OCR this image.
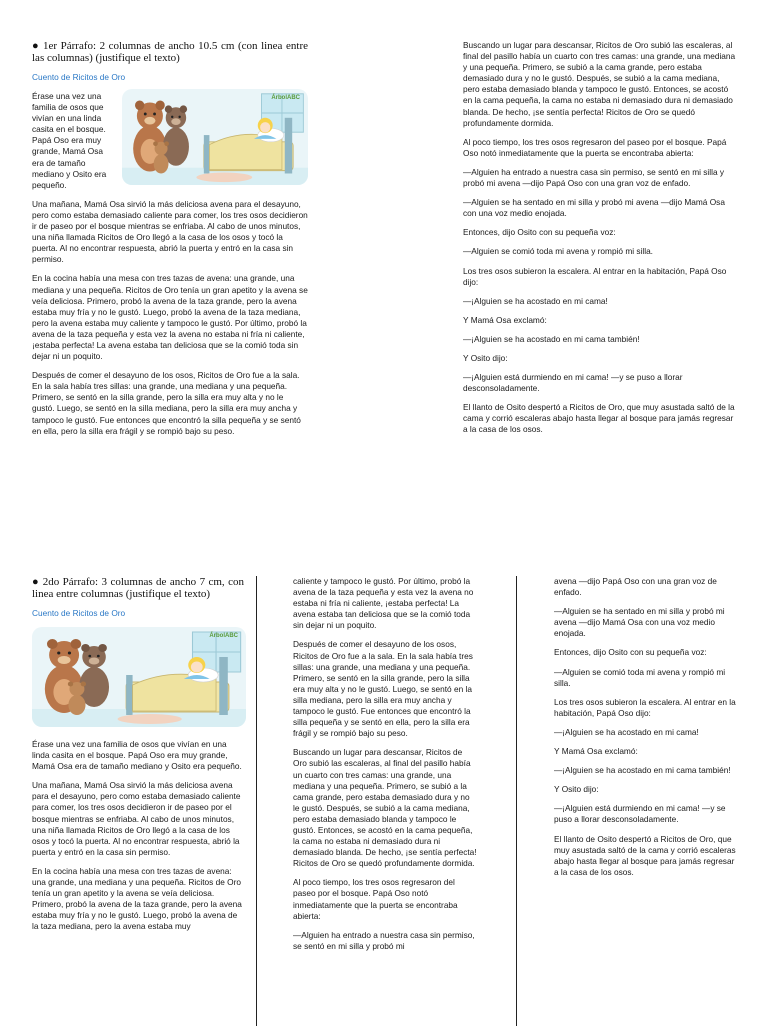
● 1er Párrafo: 2 columnas de ancho 10.5 cm (con linea entre las columnas) (justifique el texto)

Cuento de Ricitos de Oro

ÁrbolABC

Érase una vez una familia de osos que vivían en una linda casita en el bosque. Papá Oso era muy grande, Mamá Osa era de tamaño mediano y Osito era pequeño.

Una mañana, Mamá Osa sirvió la más deliciosa avena para el desayuno, pero como estaba demasiado caliente para comer, los tres osos decidieron ir de paseo por el bosque mientras se enfriaba. Al cabo de unos minutos, una niña llamada Ricitos de Oro llegó a la casa de los osos y tocó la puerta. Al no encontrar respuesta, abrió la puerta y entró en la casa sin permiso.

En la cocina había una mesa con tres tazas de avena: una grande, una mediana y una pequeña. Ricitos de Oro tenía un gran apetito y la avena se veía deliciosa. Primero, probó la avena de la taza grande, pero la avena estaba muy fría y no le gustó. Luego, probó la avena de la taza mediana, pero la avena estaba muy caliente y tampoco le gustó. Por último, probó la avena de la taza pequeña y esta vez la avena no estaba ni fría ni caliente, ¡estaba perfecta! La avena estaba tan deliciosa que se la comió toda sin dejar ni un poquito.

Después de comer el desayuno de los osos, Ricitos de Oro fue a la sala. En la sala había tres sillas: una grande, una mediana y una pequeña. Primero, se sentó en la silla grande, pero la silla era muy alta y no le gustó. Luego, se sentó en la silla mediana, pero la silla era muy ancha y tampoco le gustó. Fue entonces que encontró la silla pequeña y se sentó en ella, pero la silla era frágil y se rompió bajo su peso.

Buscando un lugar para descansar, Ricitos de Oro subió las escaleras, al final del pasillo había un cuarto con tres camas: una grande, una mediana y una pequeña. Primero, se subió a la cama grande, pero estaba demasiado dura y no le gustó. Después, se subió a la cama mediana, pero estaba demasiado blanda y tampoco le gustó. Entonces, se acostó en la cama pequeña, la cama no estaba ni demasiado dura ni demasiado blanda. De hecho, ¡se sentía perfecta! Ricitos de Oro se quedó profundamente dormida.

Al poco tiempo, los tres osos regresaron del paseo por el bosque. Papá Oso notó inmediatamente que la puerta se encontraba abierta:

—Alguien ha entrado a nuestra casa sin permiso, se sentó en mi silla y probó mi avena —dijo Papá Oso con una gran voz de enfado.

—Alguien se ha sentado en mi silla y probó mi avena —dijo Mamá Osa con una voz medio enojada.

Entonces, dijo Osito con su pequeña voz:

—Alguien se comió toda mi avena y rompió mi silla.

Los tres osos subieron la escalera. Al entrar en la habitación, Papá Oso dijo:

—¡Alguien se ha acostado en mi cama!

Y Mamá Osa exclamó:

—¡Alguien se ha acostado en mi cama también!

Y Osito dijo:

—¡Alguien está durmiendo en mi cama! —y se puso a llorar desconsoladamente.

El llanto de Osito despertó a Ricitos de Oro, que muy asustada saltó de la cama y corrió escaleras abajo hasta llegar al bosque para jamás regresar a la casa de los osos.

● 2do Párrafo: 3 columnas de ancho 7 cm, con linea entre columnas (justifique el texto)

Cuento de Ricitos de Oro

ÁrbolABC

Érase una vez una familia de osos que vivían en una linda casita en el bosque. Papá Oso era muy grande, Mamá Osa era de tamaño mediano y Osito era pequeño.

Una mañana, Mamá Osa sirvió la más deliciosa avena para el desayuno, pero como estaba demasiado caliente para comer, los tres osos decidieron ir de paseo por el bosque mientras se enfriaba. Al cabo de unos minutos, una niña llamada Ricitos de Oro llegó a la casa de los osos y tocó la puerta. Al no encontrar respuesta, abrió la puerta y entró en la casa sin permiso.

En la cocina había una mesa con tres tazas de avena: una grande, una mediana y una pequeña. Ricitos de Oro tenía un gran apetito y la avena se veía deliciosa. Primero, probó la avena de la taza grande, pero la avena estaba muy fría y no le gustó. Luego, probó la avena de la taza mediana, pero la avena estaba muy

caliente y tampoco le gustó. Por último, probó la avena de la taza pequeña y esta vez la avena no estaba ni fría ni caliente, ¡estaba perfecta! La avena estaba tan deliciosa que se la comió toda sin dejar ni un poquito.

Después de comer el desayuno de los osos, Ricitos de Oro fue a la sala. En la sala había tres sillas: una grande, una mediana y una pequeña. Primero, se sentó en la silla grande, pero la silla era muy alta y no le gustó. Luego, se sentó en la silla mediana, pero la silla era muy ancha y tampoco le gustó. Fue entonces que encontró la silla pequeña y se sentó en ella, pero la silla era frágil y se rompió bajo su peso.

Buscando un lugar para descansar, Ricitos de Oro subió las escaleras, al final del pasillo había un cuarto con tres camas: una grande, una mediana y una pequeña. Primero, se subió a la cama grande, pero estaba demasiado dura y no le gustó. Después, se subió a la cama mediana, pero estaba demasiado blanda y tampoco le gustó. Entonces, se acostó en la cama pequeña, la cama no estaba ni demasiado dura ni demasiado blanda. De hecho, ¡se sentía perfecta! Ricitos de Oro se quedó profundamente dormida.

Al poco tiempo, los tres osos regresaron del paseo por el bosque. Papá Oso notó inmediatamente que la puerta se encontraba abierta:

—Alguien ha entrado a nuestra casa sin permiso, se sentó en mi silla y probó mi

avena —dijo Papá Oso con una gran voz de enfado.

—Alguien se ha sentado en mi silla y probó mi avena —dijo Mamá Osa con una voz medio enojada.

Entonces, dijo Osito con su pequeña voz:

—Alguien se comió toda mi avena y rompió mi silla.

Los tres osos subieron la escalera. Al entrar en la habitación, Papá Oso dijo:

—¡Alguien se ha acostado en mi cama!

Y Mamá Osa exclamó:

—¡Alguien se ha acostado en mi cama también!

Y Osito dijo:

—¡Alguien está durmiendo en mi cama! —y se puso a llorar desconsoladamente.

El llanto de Osito despertó a Ricitos de Oro, que muy asustada saltó de la cama y corrió escaleras abajo hasta llegar al bosque para jamás regresar a la casa de los osos.
